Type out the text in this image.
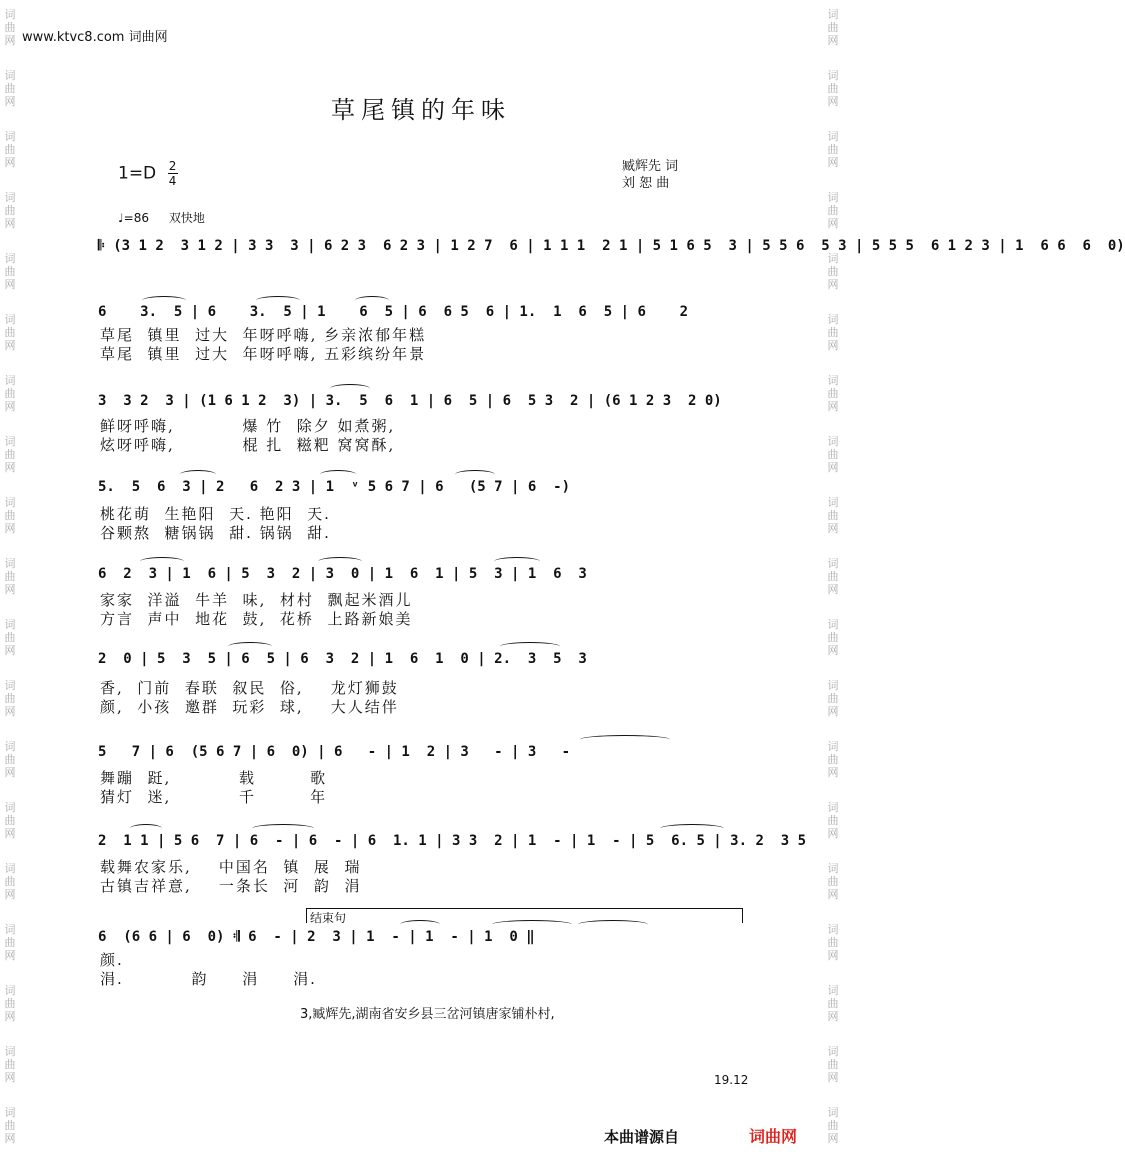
词
曲
网
词
曲
网
词
曲
网
词
曲
网
词
曲
网
词
曲
网
词
曲
网
词
曲
网
词
曲
网
词
曲
网
词
曲
网
词
曲
网
词
曲
网
词
曲
网
词
曲
网
词
曲
网
词
曲
网
词
曲
网
词
曲
网
词
曲
网
词
曲
网
词
曲
网
词
曲
网
词
曲
网
词
曲
网
词
曲
网
词
曲
网
词
曲
网
词
曲
网
词
曲
网
词
曲
网
词
曲
网
词
曲
网
词
曲
网
词
曲
网
词
曲
网
词
曲
网
词
曲
网
www.ktvc8.com 词曲网
草尾镇的年味
$1=D \frac{2}{4}$	臧辉先 词
刘 恕 曲
♩=86 双快地
𝄆 (3 1 2  3 1 2 | 3 3  3 | 6 2 3  6 2 3 | 1 2 7  6 | 1 1 1  2 1 | 5 1 6 5  3 | 5 5 6  5 3 | 5 5 5  6 1 2 3 | 1  6 6  6  0)
6    3.  5 | 6    3.  5 | 1    6  5 | 6  6 5  6 | 1.  1  6  5 | 6    2
草尾  镇里  过大  年呀呼嗨, 乡亲浓郁年糕
草尾  镇里  过大  年呀呼嗨, 五彩缤纷年景
3  3 2  3 | (1 6 1 2  3) | 3.  5  6  1 | 6  5 | 6  5 3  2 | (6 1 2 3  2 0)
鲜呀呼嗨,          爆 竹  除夕 如煮粥,
炫呀呼嗨,          棍 扎  糍粑 窝窝酥,
5.  5  6  3 | 2   6  2 3 | 1  ᵛ 5 6 7 | 6   (5 7 | 6  -)
桃花萌  生艳阳  天. 艳阳  天.
谷颗熬  糖锅锅  甜. 锅锅  甜.
6  2  3 | 1  6 | 5  3  2 | 3  0 | 1  6  1 | 5  3 | 1  6  3
家家  洋溢  牛羊  味,  材村  飘起米酒儿
方言  声中  地花  鼓,  花桥  上路新娘美
2  0 | 5  3  5 | 6  5 | 6  3  2 | 1  6  1  0 | 2.  3  5  3
香,  门前  春联  叙民  俗,    龙灯狮鼓
颜,  小孩  邀群  玩彩  球,    大人结伴
5   7 | 6  (5 6 7 | 6  0) | 6   - | 1  2 | 3   - | 3   -
舞蹦  跹,          载        歌
猜灯  迷,          千        年
2  1 1 | 5 6  7 | 6  - | 6  - | 6  1. 1 | 3 3  2 | 1  - | 1  - | 5  6. 5 | 3. 2  3 5
载舞农家乐,    中国名  镇  展  瑞
古镇吉祥意,    一条长  河  韵  涓
结束句
6  (6 6 | 6  0) 𝄇 6  - | 2  3 | 1  - | 1  - | 1  0 ‖
颜.
涓.          韵     涓     涓.
3,臧辉先,湖南省安乡县三岔河镇唐家铺朴村,
19.12
本曲谱源自	词曲网
